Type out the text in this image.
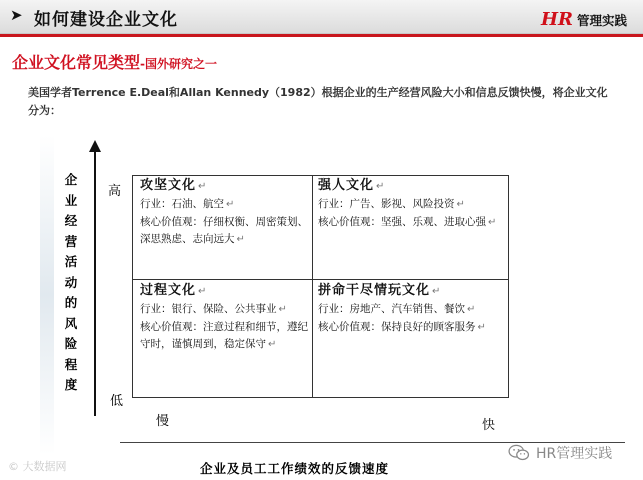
➤ 如何建设企业文化	HR 管理实践
企业文化常见类型-国外研究之一
美国学者Terrence E.Deal和Allan Kennedy（1982）根据企业的生产经营风险大小和信息反馈快慢，将企业文化分为：
企业经营活动的风险程度
高
低
慢	快
攻坚文化 ↵
行业：石油、航空 ↵
核心价值观：仔细权衡、周密策划、深思熟虑、志向远大 ↵
强人文化 ↵
行业：广告、影视、风险投资 ↵
核心价值观：坚强、乐观、进取心强 ↵
过程文化 ↵
行业：银行、保险、公共事业 ↵
核心价值观：注意过程和细节，遵纪守时，谨慎周到，稳定保守 ↵
拼命干尽情玩文化 ↵
行业：房地产、汽车销售、餐饮 ↵
核心价值观：保持良好的顾客服务 ↵
企业及员工工作绩效的反馈速度
© 大数据网
HR管理实践
